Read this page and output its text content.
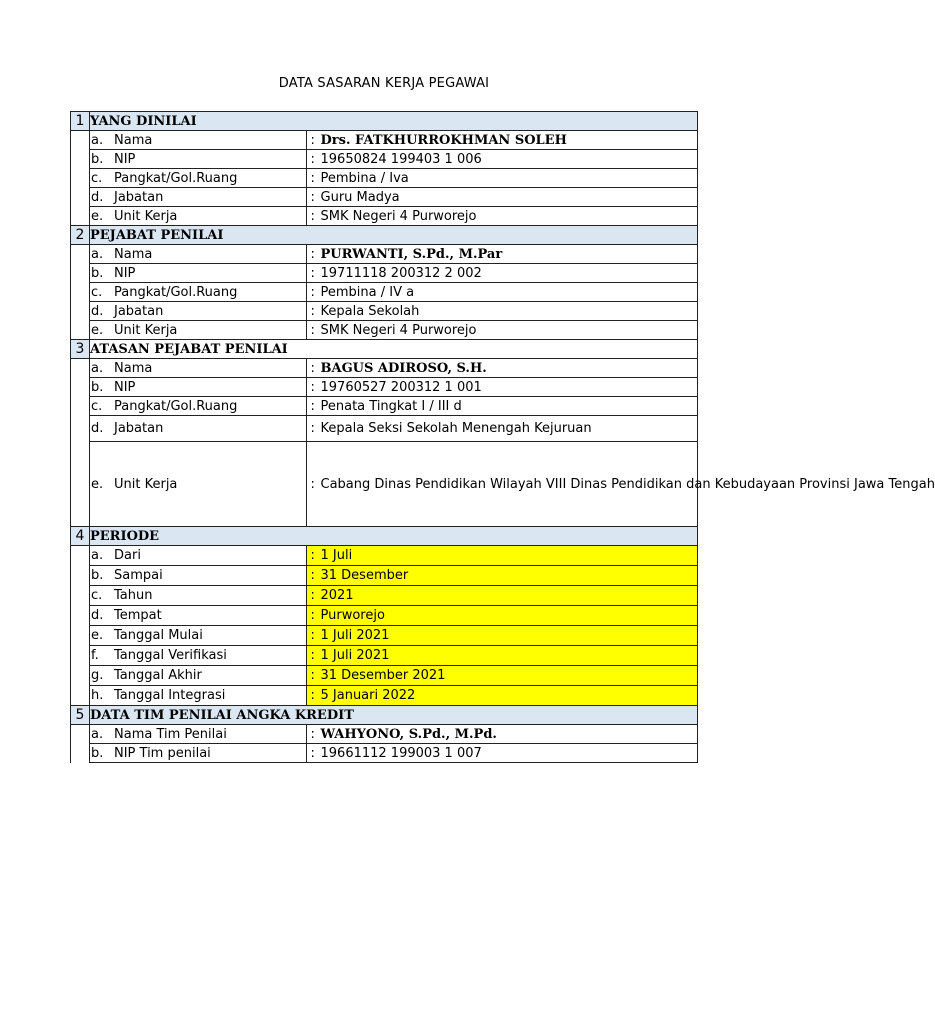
DATA SASARAN KERJA PEGAWAI
1	YANG DINILAI		
	a. Nama	:	Drs. FATKHURROKHMAN SOLEH
	b. NIP	:	19650824 199403 1 006
	c. Pangkat/Gol.Ruang	:	Pembina / Iva
	d. Jabatan	:	Guru Madya
	e. Unit Kerja	:	SMK Negeri 4 Purworejo
2	PEJABAT PENILAI		
	a. Nama	:	PURWANTI, S.Pd., M.Par
	b. NIP	:	19711118 200312 2 002
	c. Pangkat/Gol.Ruang	:	Pembina / IV a
	d. Jabatan	:	Kepala Sekolah
	e. Unit Kerja	:	SMK Negeri 4 Purworejo
3	ATASAN PEJABAT PENILAI		
	a. Nama	:	BAGUS ADIROSO, S.H.
	b. NIP	:	19760527 200312 1 001
	c. Pangkat/Gol.Ruang	:	Penata Tingkat I / III d
	d. Jabatan	:	Kepala Seksi Sekolah Menengah Kejuruan
	e. Unit Kerja	:	Cabang Dinas Pendidikan Wilayah VIII Dinas Pendidikan dan Kebudayaan Provinsi Jawa Tengah
4	PERIODE		
	a. Dari	:	1 Juli
	b. Sampai	:	31 Desember
	c. Tahun	:	2021
	d. Tempat	:	Purworejo
	e. Tanggal Mulai	:	1 Juli 2021
	f. Tanggal Verifikasi	:	1 Juli 2021
	g. Tanggal Akhir	:	31 Desember 2021
	h. Tanggal Integrasi	:	5 Januari 2022
5	DATA TIM PENILAI ANGKA KREDIT		
	a. Nama Tim Penilai	:	WAHYONO, S.Pd., M.Pd.
	b. NIP Tim penilai	:	19661112 199003 1 007
